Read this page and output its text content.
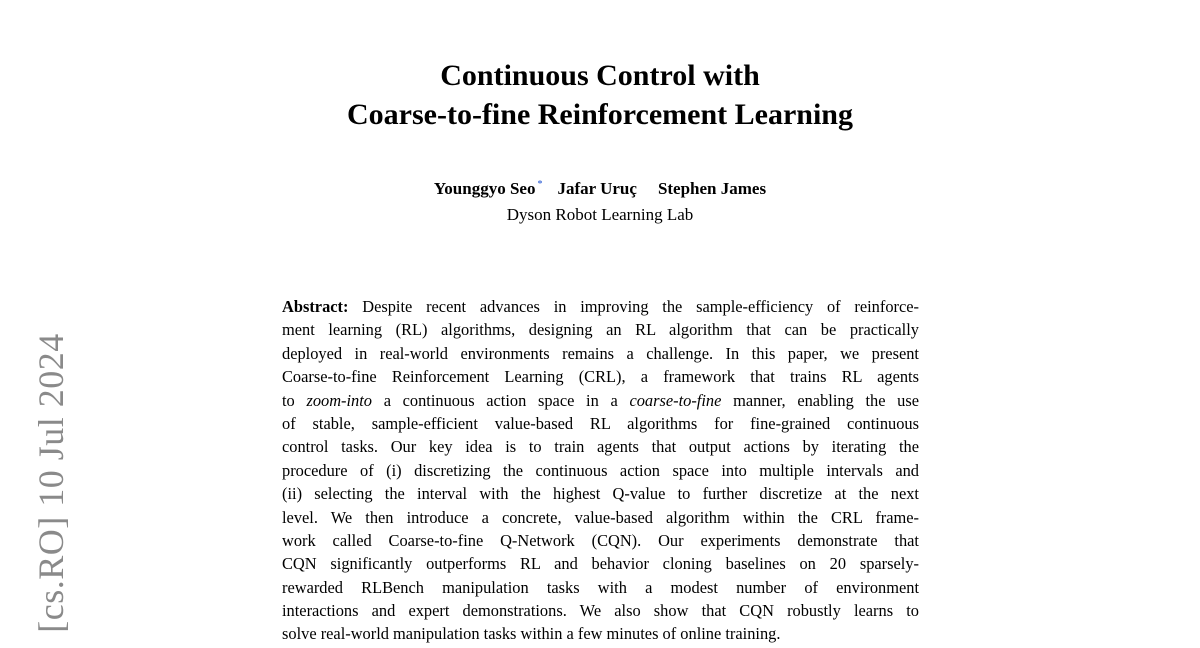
[cs.RO] 10 Jul 2024
Continuous Control with
Coarse-to-fine Reinforcement Learning
Younggyo Seo * Jafar Uruç Stephen James
Dyson Robot Learning Lab
Abstract: Despite recent advances in improving the sample-efficiency of reinforce-
ment learning (RL) algorithms, designing an RL algorithm that can be practically
deployed in real-world environments remains a challenge. In this paper, we present
Coarse-to-fine Reinforcement Learning (CRL), a framework that trains RL agents
to zoom-into a continuous action space in a coarse-to-fine manner, enabling the use
of stable, sample-efficient value-based RL algorithms for fine-grained continuous
control tasks. Our key idea is to train agents that output actions by iterating the
procedure of (i) discretizing the continuous action space into multiple intervals and
(ii) selecting the interval with the highest Q-value to further discretize at the next
level. We then introduce a concrete, value-based algorithm within the CRL frame-
work called Coarse-to-fine Q-Network (CQN). Our experiments demonstrate that
CQN significantly outperforms RL and behavior cloning baselines on 20 sparsely-
rewarded RLBench manipulation tasks with a modest number of environment
interactions and expert demonstrations. We also show that CQN robustly learns to
solve real-world manipulation tasks within a few minutes of online training.
